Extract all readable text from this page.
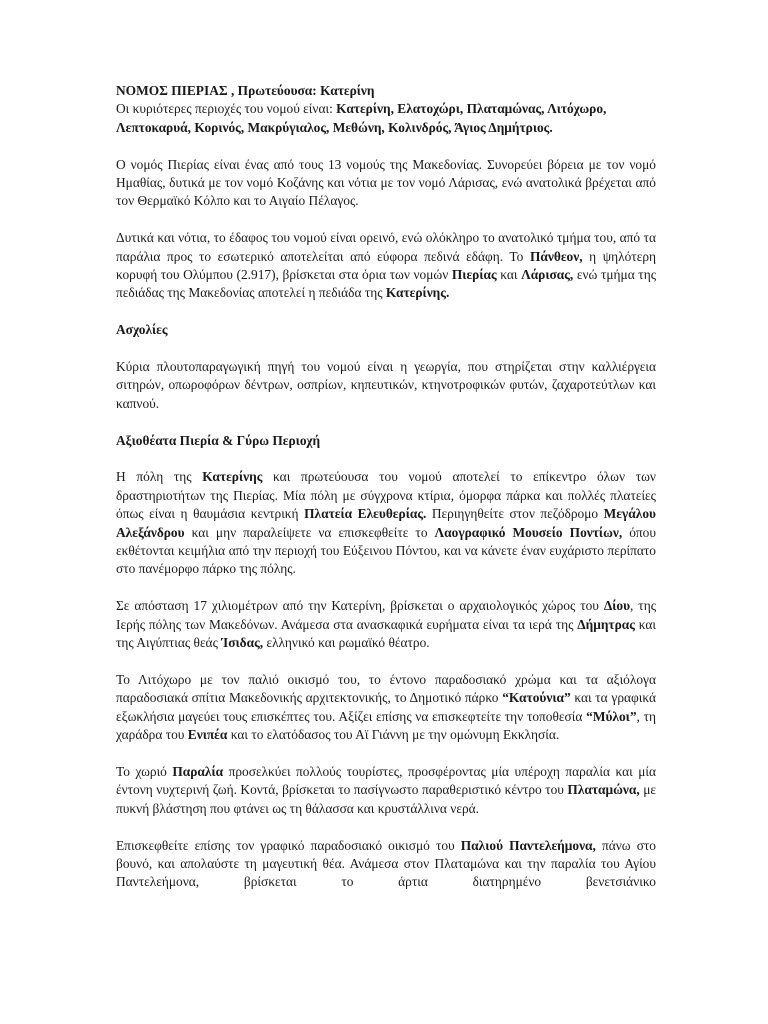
ΝΟΜΟΣ ΠΙΕΡΙΑΣ , Πρωτεύουσα: Κατερίνη
Οι κυριότερες περιοχές του νομού είναι: Κατερίνη, Ελατοχώρι, Πλαταμώνας, Λιτόχωρο, Λεπτοκαρυά, Κορινός, Μακρύγιαλος, Μεθώνη, Κολινδρός, Άγιος Δημήτριος.

Ο νομός Πιερίας είναι ένας από τους 13 νομούς της Μακεδονίας. Συνορεύει βόρεια με τον νομό Ημαθίας, δυτικά με τον νομό Κοζάνης και νότια με τον νομό Λάρισας, ενώ ανατολικά βρέχεται από τον Θερμαϊκό Κόλπο και το Αιγαίο Πέλαγος.

Δυτικά και νότια, το έδαφος του νομού είναι ορεινό, ενώ ολόκληρο το ανατολικό τμήμα του, από τα παράλια προς το εσωτερικό αποτελείται από εύφορα πεδινά εδάφη. Το Πάνθεον, η ψηλότερη κορυφή του Ολύμπου (2.917), βρίσκεται στα όρια των νομών Πιερίας και Λάρισας, ενώ τμήμα της πεδιάδας της Μακεδονίας αποτελεί η πεδιάδα της Κατερίνης.

Ασχολίες

Κύρια πλουτοπαραγωγική πηγή του νομού είναι η γεωργία, που στηρίζεται στην καλλιέργεια σιτηρών, οπωροφόρων δέντρων, οσπρίων, κηπευτικών, κτηνοτροφικών φυτών, ζαχαροτεύτλων και καπνού.

Αξιοθέατα Πιερία & Γύρω Περιοχή

Η πόλη της Κατερίνης και πρωτεύουσα του νομού αποτελεί το επίκεντρο όλων των δραστηριοτήτων της Πιερίας. Μία πόλη με σύγχρονα κτίρια, όμορφα πάρκα και πολλές πλατείες όπως είναι η θαυμάσια κεντρική Πλατεία Ελευθερίας. Περιηγηθείτε στον πεζόδρομο Μεγάλου Αλεξάνδρου και μην παραλείψετε να επισκεφθείτε το Λαογραφικό Μουσείο Ποντίων, όπου εκθέτονται κειμήλια από την περιοχή του Εύξεινου Πόντου, και να κάνετε έναν ευχάριστο περίπατο στο πανέμορφο πάρκο της πόλης.

Σε απόσταση 17 χιλιομέτρων από την Κατερίνη, βρίσκεται ο αρχαιολογικός χώρος του Δίου, της Ιερής πόλης των Μακεδόνων. Ανάμεσα στα ανασκαφικά ευρήματα είναι τα ιερά της Δήμητρας και της Αιγύπτιας θεάς Ίσιδας, ελληνικό και ρωμαϊκό θέατρο.

Το Λιτόχωρο με τον παλιό οικισμό του, το έντονο παραδοσιακό χρώμα και τα αξιόλογα παραδοσιακά σπίτια Μακεδονικής αρχιτεκτονικής, το Δημοτικό πάρκο “Κατούνια” και τα γραφικά εξωκλήσια μαγεύει τους επισκέπτες του. Αξίζει επίσης να επισκεφτείτε την τοποθεσία “Μύλοι”, τη χαράδρα του Ενιπέα και το ελατόδασος του Αϊ Γιάννη με την ομώνυμη Εκκλησία.

Το χωριό Παραλία προσελκύει πολλούς τουρίστες, προσφέροντας μία υπέροχη παραλία και μία έντονη νυχτερινή ζωή. Κοντά, βρίσκεται το πασίγνωστο παραθεριστικό κέντρο του Πλαταμώνα, με πυκνή βλάστηση που φτάνει ως τη θάλασσα και κρυστάλλινα νερά.

Επισκεφθείτε επίσης τον γραφικό παραδοσιακό οικισμό του Παλιού Παντελεήμονα, πάνω στο βουνό, και απολαύστε τη μαγευτική θέα. Ανάμεσα στον Πλαταμώνα και την παραλία του Αγίου Παντελεήμονα, βρίσκεται το άρτια διατηρημένο βενετσιάνικο
